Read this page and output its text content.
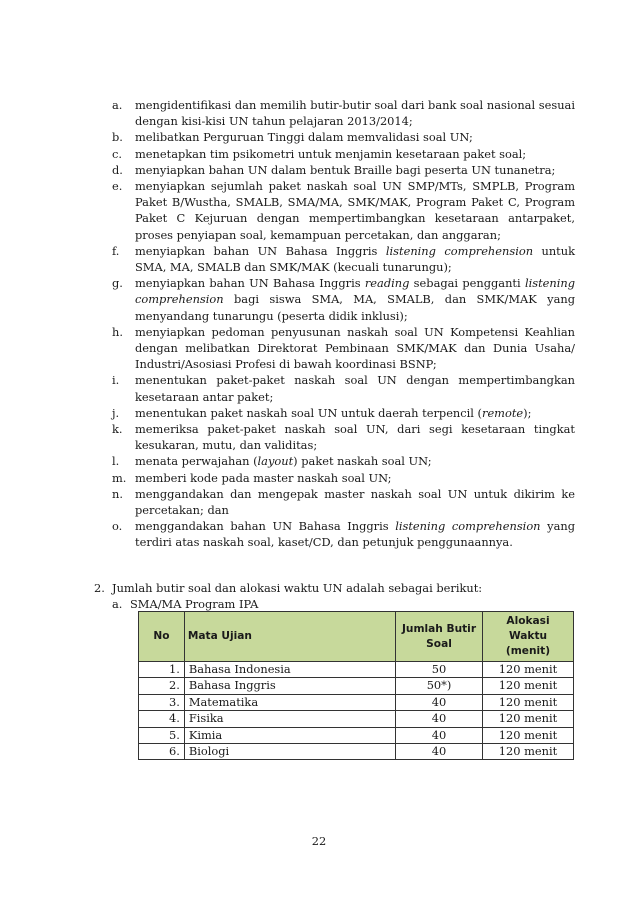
a.	mengidentifikasi dan memilih butir-butir soal dari bank soal nasional sesuai dengan kisi-kisi UN tahun pelajaran 2013/2014;
b.	melibatkan Perguruan Tinggi dalam memvalidasi soal UN;
c.	menetapkan tim psikometri untuk menjamin kesetaraan paket soal;
d.	menyiapkan bahan UN dalam bentuk Braille bagi peserta UN tunanetra;
e.	menyiapkan sejumlah paket naskah soal UN SMP/MTs, SMPLB, Program Paket B/Wustha, SMALB, SMA/MA, SMK/MAK, Program Paket C, Program Paket C Kejuruan dengan mempertimbangkan kesetaraan antarpaket, proses penyiapan soal, kemampuan percetakan, dan anggaran;
f.	menyiapkan bahan UN Bahasa Inggris listening comprehension untuk SMA, MA, SMALB dan SMK/MAK (kecuali tunarungu);
g.	menyiapkan bahan UN Bahasa Inggris reading sebagai pengganti listening comprehension bagi siswa SMA, MA, SMALB, dan SMK/MAK yang menyandang tunarungu (peserta didik inklusi);
h.	menyiapkan pedoman penyusunan naskah soal UN Kompetensi Keahlian dengan melibatkan Direktorat Pembinaan SMK/MAK dan Dunia Usaha/ Industri/Asosiasi Profesi di bawah koordinasi BSNP;
i.	menentukan paket-paket naskah soal UN dengan mempertimbangkan kesetaraan antar paket;
j.	menentukan paket naskah soal UN untuk daerah terpencil (remote);
k.	memeriksa paket-paket naskah soal UN, dari segi kesetaraan tingkat kesukaran, mutu, dan validitas;
l.	menata perwajahan (layout) paket naskah soal UN;
m. memberi kode pada master naskah soal UN;
n.	menggandakan dan mengepak master naskah soal UN untuk dikirim ke percetakan; dan
o.	menggandakan bahan UN Bahasa Inggris listening comprehension yang terdiri atas naskah soal, kaset/CD, dan petunjuk penggunaannya.
2. Jumlah butir soal dan alokasi waktu UN adalah sebagai berikut:
a. SMA/MA Program IPA
No	Mata Ujian	Jumlah Butir Soal	Alokasi Waktu (menit)
1.	Bahasa Indonesia	50	120 menit
2.	Bahasa Inggris	50*)	120 menit
3.	Matematika	40	120 menit
4.	Fisika	40	120 menit
5.	Kimia	40	120 menit
6.	Biologi	40	120 menit
22
